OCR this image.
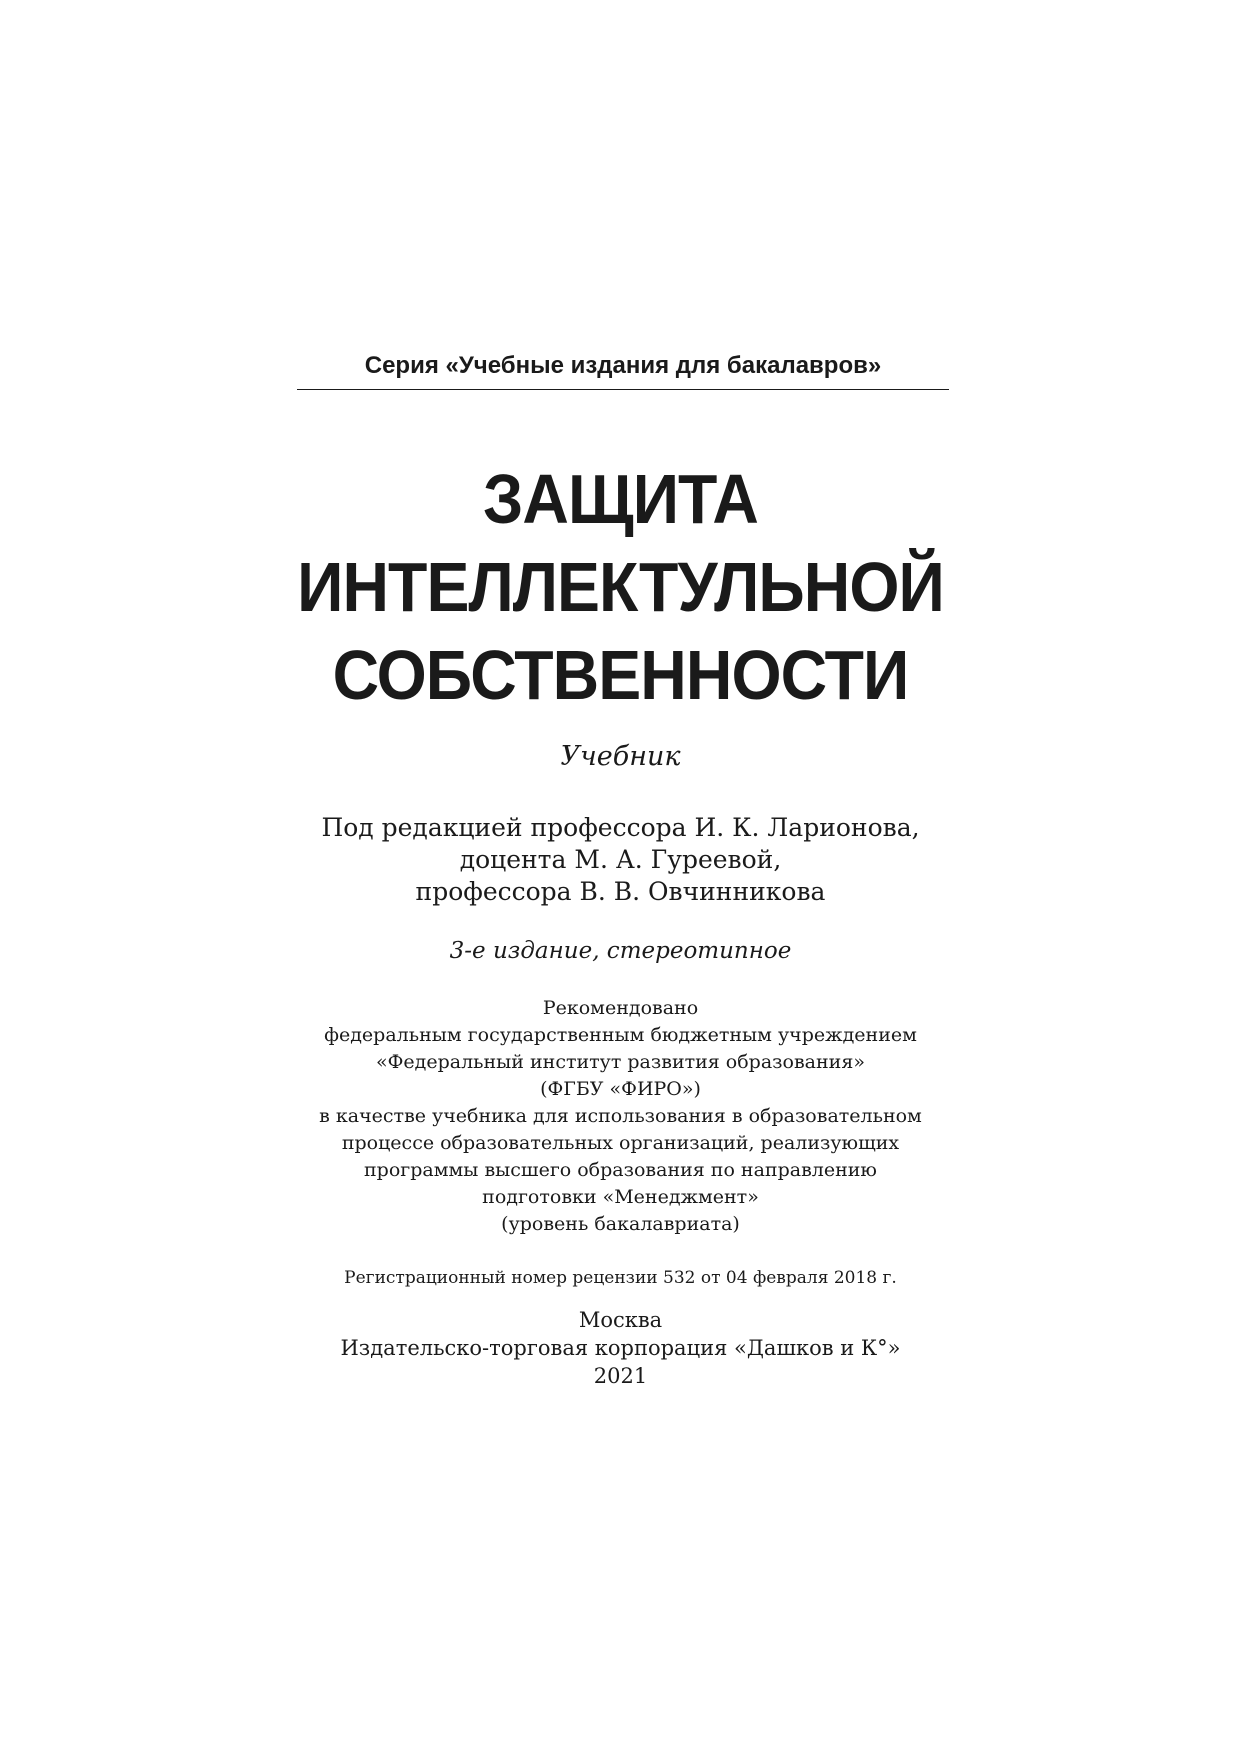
Серия «Учебные издания для бакалавров»
ЗАЩИТА
ИНТЕЛЛЕКТУЛЬНОЙ
СОБСТВЕННОСТИ
Учебник
Под редакцией профессора И. К. Ларионова,
доцента М. А. Гуреевой,
профессора В. В. Овчинникова
3-е издание, стереотипное
Рекомендовано
федеральным государственным бюджетным учреждением
«Федеральный институт развития образования»
(ФГБУ «ФИРО»)
в качестве учебника для использования в образовательном
процессе образовательных организаций, реализующих
программы высшего образования по направлению
подготовки «Менеджмент»
(уровень бакалавриата)
Регистрационный номер рецензии 532 от 04 февраля 2018 г.
Москва
Издательско-торговая корпорация «Дашков и К°»
2021
